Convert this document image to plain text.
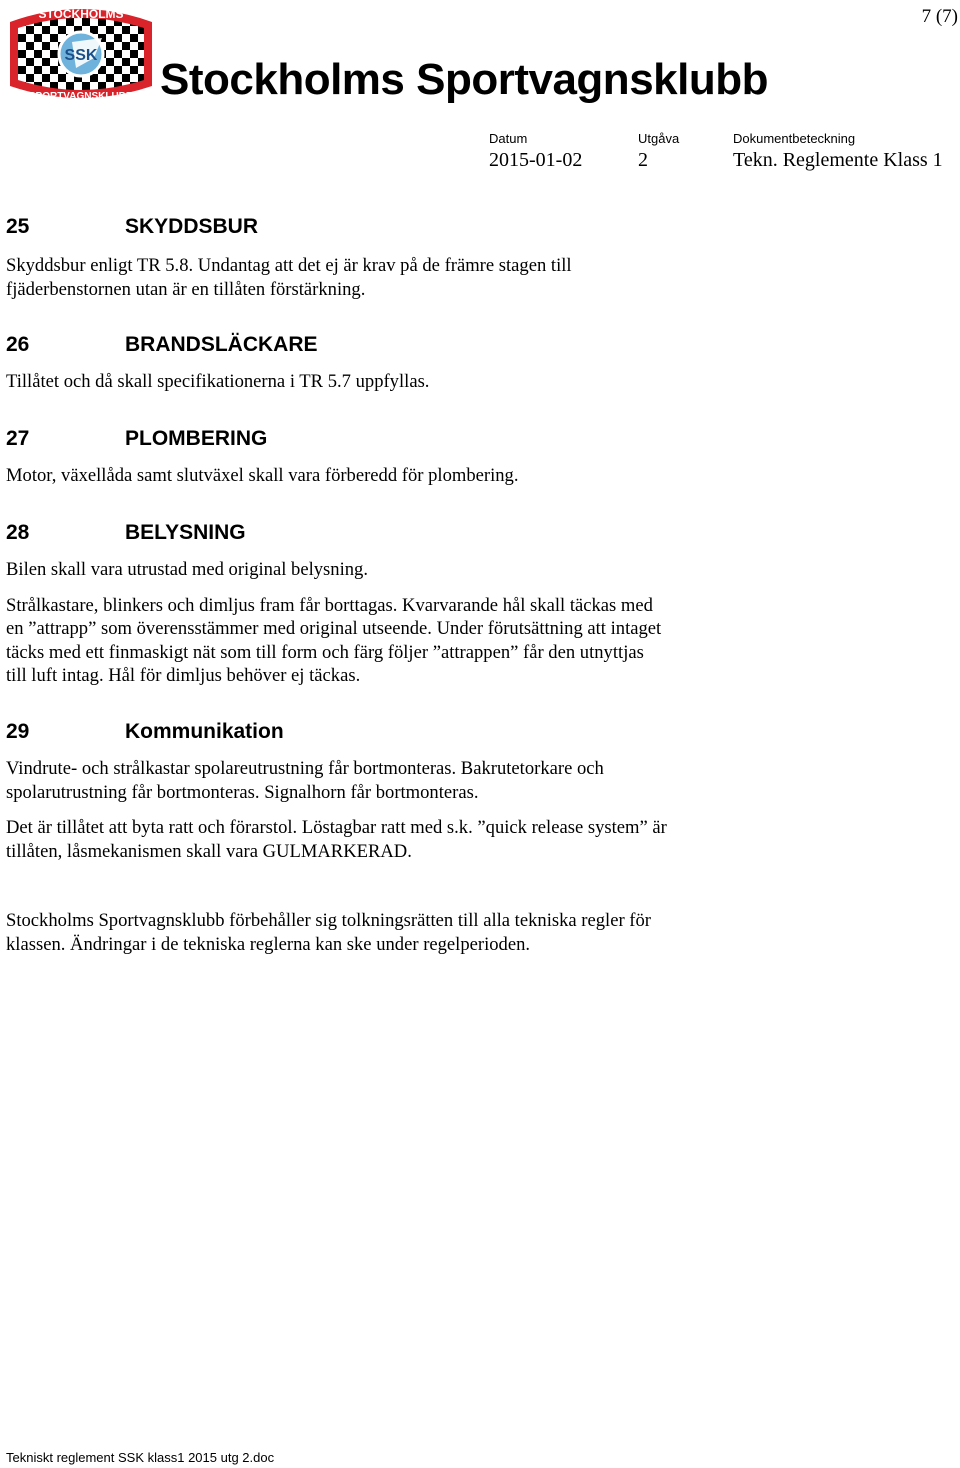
SSK
STOCKHOLMS
SPORTVAGNSKLUBB
7 (7)
Stockholms Sportvagnsklubb
Datum	Utgåva	Dokumentbeteckning
2015-01-02	2	Tekn. Reglemente Klass 1
25	SKYDDSBUR

Skyddsbur enligt TR 5.8. Undantag att det ej är krav på de främre stagen till

fjäderbenstornen utan är en tillåten förstärkning.

26	BRANDSLÄCKARE

Tillåtet och då skall specifikationerna i TR 5.7 uppfyllas.

27	PLOMBERING

Motor, växellåda samt slutväxel skall vara förberedd för plombering.

28	BELYSNING

Bilen skall vara utrustad med original belysning.

Strålkastare, blinkers och dimljus fram får borttagas. Kvarvarande hål skall täckas med

en ”attrapp” som överensstämmer med original utseende. Under förutsättning att intaget

täcks med ett finmaskigt nät som till form och färg följer ”attrappen” får den utnyttjas

till luft intag. Hål för dimljus behöver ej täckas.

29	Kommunikation

Vindrute- och strålkastar spolareutrustning får bortmonteras. Bakrutetorkare och

spolarutrustning får bortmonteras. Signalhorn får bortmonteras.

Det är tillåtet att byta ratt och förarstol. Löstagbar ratt med s.k. ”quick release system” är

tillåten, låsmekanismen skall vara GULMARKERAD.

Stockholms Sportvagnsklubb förbehåller sig tolkningsrätten till alla tekniska regler för

klassen. Ändringar i de tekniska reglerna kan ske under regelperioden.

Tekniskt reglement SSK klass1 2015 utg 2.doc
